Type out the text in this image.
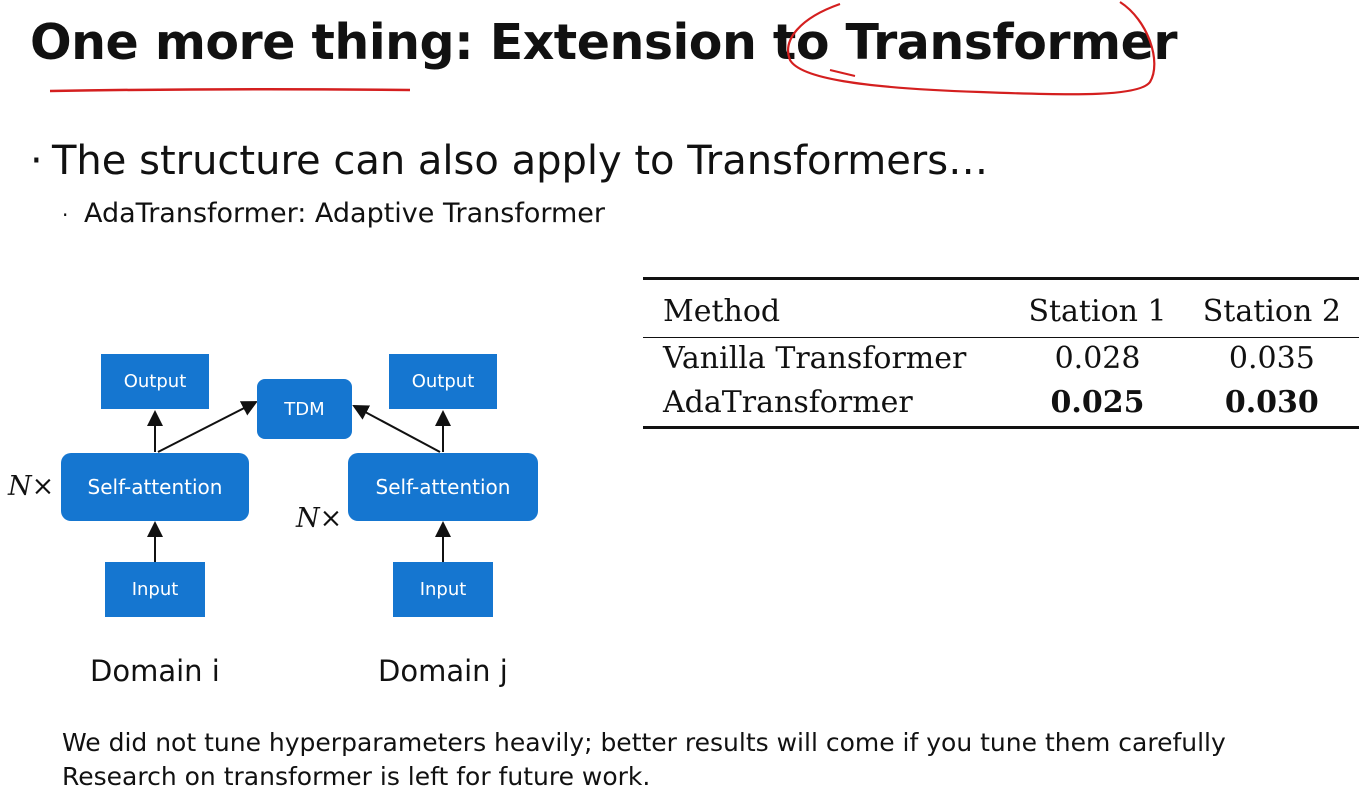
One more thing: Extension to Transformer
· The structure can also apply to Transformers…
· AdaTransformer: Adaptive Transformer
Output
Self-attention
Input
N×
Domain i
TDM
Output
Self-attention
Input
N×
Domain j
Method	Station 1	Station 2
Vanilla Transformer	0.028	0.035
AdaTransformer	0.025	0.030
We did not tune hyperparameters heavily; better results will come if you tune them carefully
Research on transformer is left for future work.
